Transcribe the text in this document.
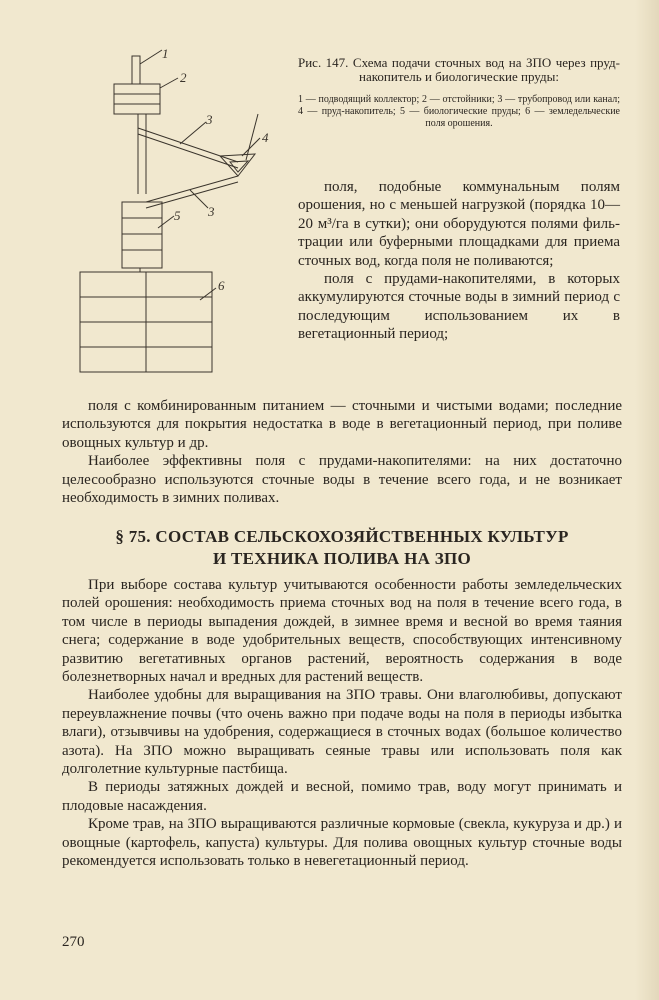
1
2
3
4
3
5
6
Рис. 147. Схема подачи сточных вод на ЗПО через пруд-накопитель и биологические пруды:
1 — подводящий коллектор; 2 — отстойники; 3 — трубопровод или канал; 4 — пруд-накопитель; 5 — биологические пруды; 6 — земледельческие поля орошения.

поля, подобные коммунальным полям орошения, но с меньшей нагрузкой (порядка 10—20 м³/га в сутки); они оборудуются полями фильтрации или буферными площадками для приема сточных вод, когда поля не поливаются;

поля с прудами-накопителями, в которых аккумулируются сточные воды в зимний период с последующим использованием их в вегетационный период;

поля с комбинированным питанием — сточными и чистыми водами; последние используются для покрытия недостатка в воде в вегетационный период, при поливе овощных культур и др.

Наиболее эффективны поля с прудами-накопителями: на них достаточно целесообразно используются сточные воды в течение всего года, и не возникает необходимость в зимних поливах.

§ 75. СОСТАВ СЕЛЬСКОХОЗЯЙСТВЕННЫХ КУЛЬТУР
И ТЕХНИКА ПОЛИВА НА ЗПО

При выборе состава культур учитываются особенности работы земледельческих полей орошения: необходимость приема сточных вод на поля в течение всего года, в том числе в периоды выпадения дождей, в зимнее время и весной во время таяния снега; содержание в воде удобрительных веществ, способствующих интенсивному развитию вегетативных органов растений, вероятность содержания в воде болезнетворных начал и вредных для растений веществ.

Наиболее удобны для выращивания на ЗПО травы. Они влаголюбивы, допускают переувлажнение почвы (что очень важно при подаче воды на поля в периоды избытка влаги), отзывчивы на удобрения, содержащиеся в сточных водах (большое количество азота). На ЗПО можно выращивать сеяные травы или использовать поля как долголетние культурные пастбища.

В периоды затяжных дождей и весной, помимо трав, воду могут принимать и плодовые насаждения.

Кроме трав, на ЗПО выращиваются различные кормовые (свекла, кукуруза и др.) и овощные (картофель, капуста) культуры. Для полива овощных культур сточные воды рекомендуется использовать только в невегетационный период.

270
